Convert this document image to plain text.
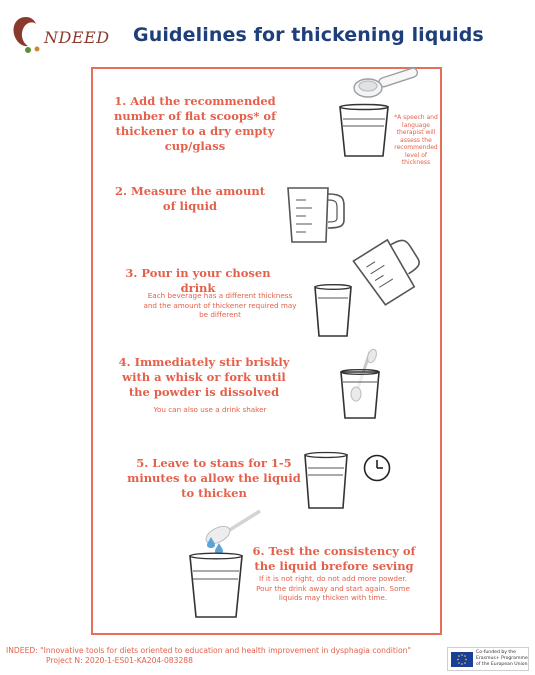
NDEED Guidelines for thickening liquids
1. Add the recommended number of flat scoops* of thickener to a dry empty cup/glass
*A speech and language therapist will assess the recommended level of thickness
2. Measure the amount of liquid
3. Pour in your chosen drink
Each beverage has a different thickness and the amount of thickener required may be different
4. Immediately stir briskly with a whisk or fork until the powder is dissolved
You can also use a drink shaker
5. Leave to stans for 1-5 minutes to allow the liquid to thicken
6. Test the consistency of the liquid brefore seving
If it is not right, do not add more powder. Pour the drink away and start again. Some liquids may thicken with time.
INDEED: "Innovative tools for diets oriented to education and health improvement in dysphagia condition"
Project N: 2020-1-ES01-KA204-083288
Co-funded by the Erasmus+ Programme of the European Union
